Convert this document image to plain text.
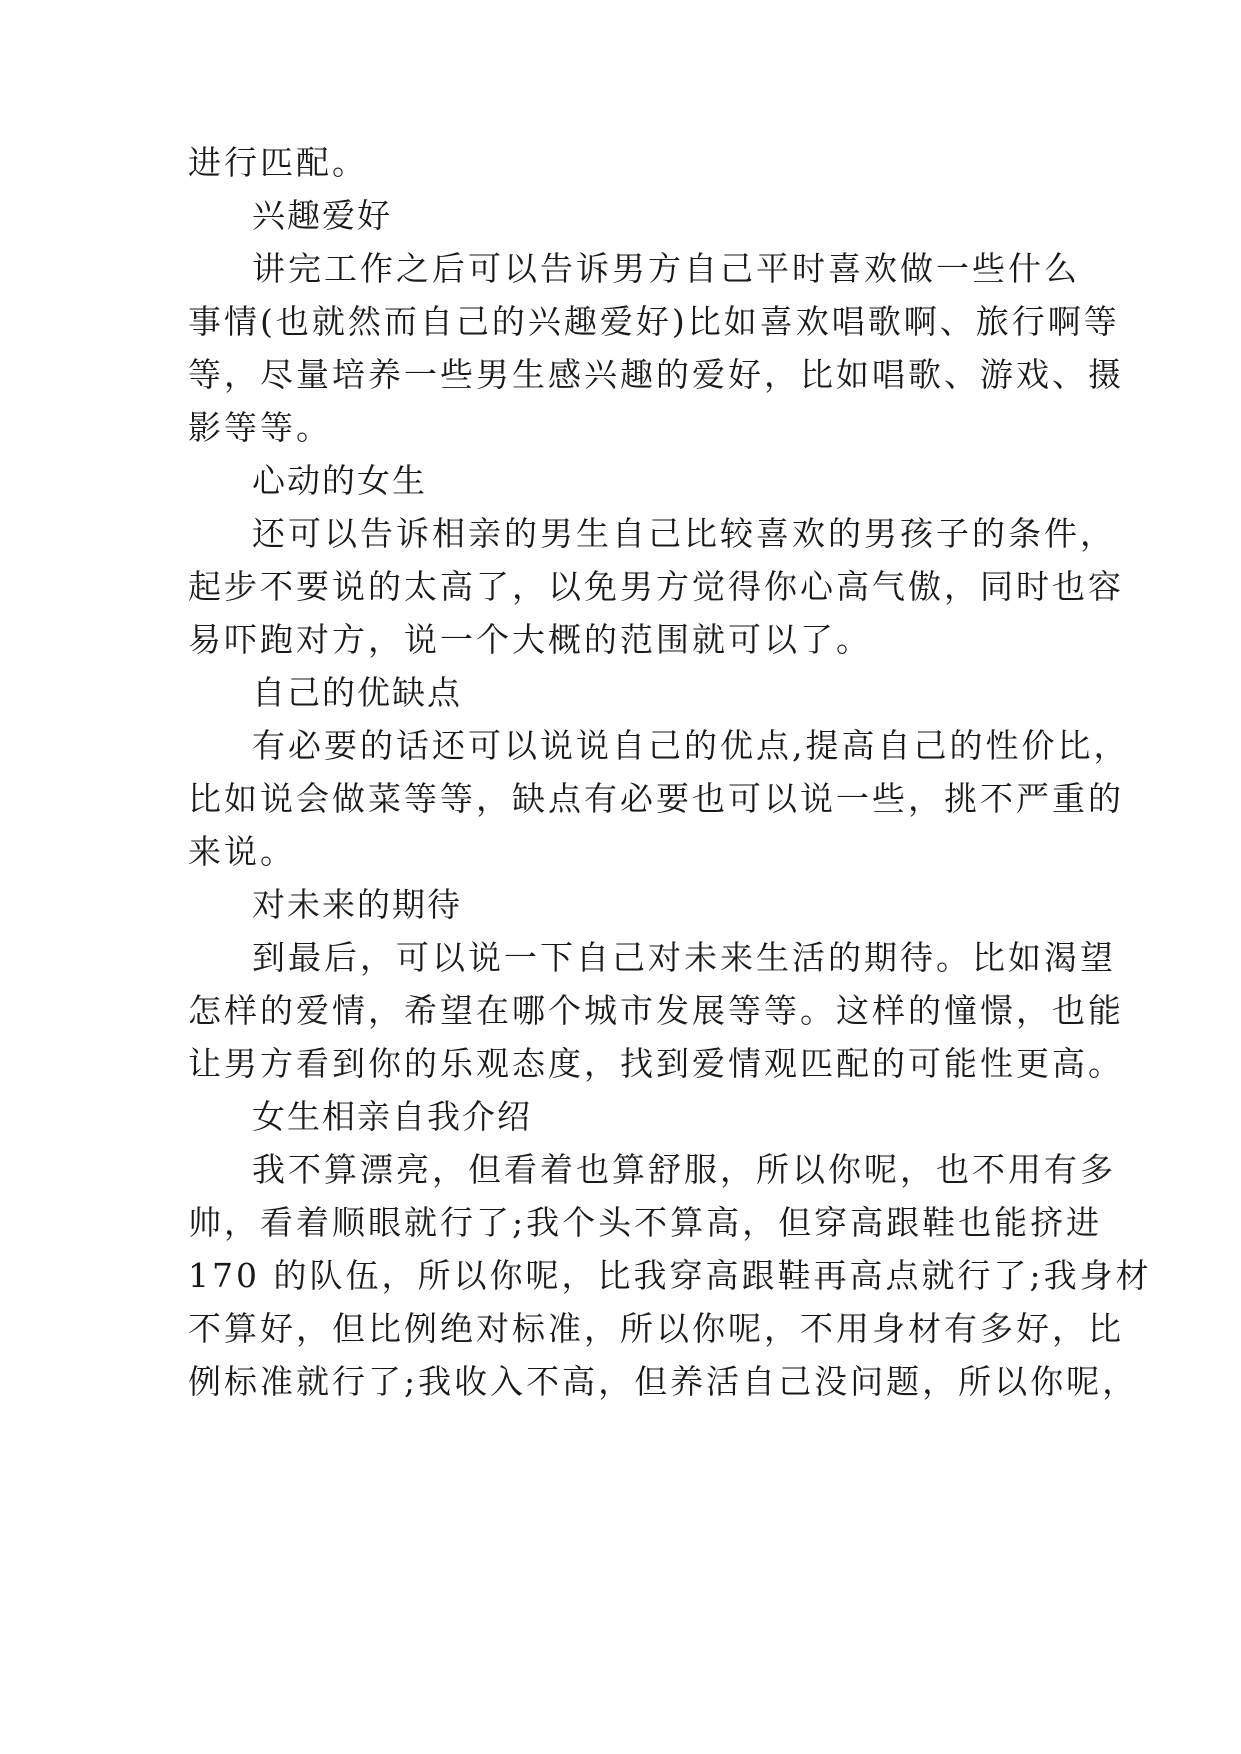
进行匹配。

兴趣爱好

讲完工作之后可以告诉男方自己平时喜欢做一些什么

事情(也就然而自己的兴趣爱好)比如喜欢唱歌啊、旅行啊等

等，尽量培养一些男生感兴趣的爱好，比如唱歌、游戏、摄

影等等。

心动的女生

还可以告诉相亲的男生自己比较喜欢的男孩子的条件，

起步不要说的太高了，以免男方觉得你心高气傲，同时也容

易吓跑对方，说一个大概的范围就可以了。

自己的优缺点

有必要的话还可以说说自己的优点,提高自己的性价比，

比如说会做菜等等，缺点有必要也可以说一些，挑不严重的

来说。

对未来的期待

到最后，可以说一下自己对未来生活的期待。比如渴望

怎样的爱情，希望在哪个城市发展等等。这样的憧憬，也能

让男方看到你的乐观态度，找到爱情观匹配的可能性更高。

女生相亲自我介绍

我不算漂亮，但看着也算舒服，所以你呢，也不用有多

帅，看着顺眼就行了;我个头不算高，但穿高跟鞋也能挤进

170 的队伍，所以你呢，比我穿高跟鞋再高点就行了;我身材

不算好，但比例绝对标准，所以你呢，不用身材有多好，比

例标准就行了;我收入不高，但养活自己没问题，所以你呢，
